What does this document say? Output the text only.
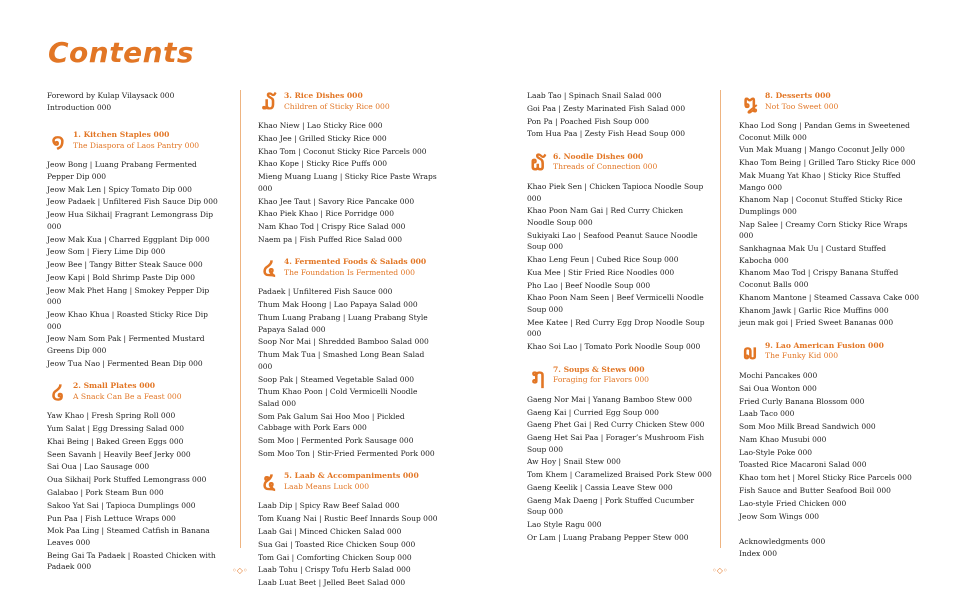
Contents

Foreword by Kulap Vilaysack 000

Introduction 000

໑	1. Kitchen Staples 000
The Diaspora of Laos Pantry 000
Jeow Bong | Luang Prabang Fermented Pepper Dip 000
Jeow Mak Len | Spicy Tomato Dip 000
Jeow Padaek | Unfiltered Fish Sauce Dip 000
Jeow Hua Sikhai| Fragrant Lemongrass Dip 000
Jeow Mak Kua | Charred Eggplant Dip 000
Jeow Som | Fiery Lime Dip 000
Jeow Bee | Tangy Bitter Steak Sauce 000
Jeow Kapi | Bold Shrimp Paste Dip 000
Jeow Mak Phet Hang | Smokey Pepper Dip 000
Jeow Khao Khua | Roasted Sticky Rice Dip 000
Jeow Nam Som Pak | Fermented Mustard Greens Dip 000
Jeow Tua Nao | Fermented Bean Dip 000
໒	2. Small Plates 000
A Snack Can Be a Feast 000
Yaw Khao | Fresh Spring Roll 000
Yum Salat | Egg Dressing Salad 000
Khai Being | Baked Green Eggs 000
Seen Savanh | Heavily Beef Jerky 000
Sai Oua | Lao Sausage 000
Oua Sikhai| Pork Stuffed Lemongrass 000
Galabao | Pork Steam Bun 000
Sakoo Yat Sai | Tapioca Dumplings 000
Pun Paa | Fish Lettuce Wraps 000
Mok Paa Ling | Steamed Catfish in Banana Leaves 000
Being Gai Ta Padaek | Roasted Chicken with Padaek 000
໓	3. Rice Dishes 000
Children of Sticky Rice 000
Khao Niew | Lao Sticky Rice 000
Khao Jee | Grilled Sticky Rice 000
Khao Tom | Coconut Sticky Rice Parcels 000
Khao Kope | Sticky Rice Puffs 000
Mieng Muang Luang | Sticky Rice Paste Wraps 000
Khao Jee Taut | Savory Rice Pancake 000
Khao Piek Khao | Rice Porridge 000
Nam Khao Tod | Crispy Rice Salad 000
Naem pa | Fish Puffed Rice Salad 000
໔	4. Fermented Foods & Salads 000
The Foundation Is Fermented 000
Padaek | Unfiltered Fish Sauce 000
Thum Mak Hoong | Lao Papaya Salad 000
Thum Luang Prabang | Luang Prabang Style Papaya Salad 000
Soop Nor Mai | Shredded Bamboo Salad 000
Thum Mak Tua | Smashed Long Bean Salad 000
Soop Pak | Steamed Vegetable Salad 000
Thum Khao Poon | Cold Vermicelli Noodle Salad 000
Som Pak Galum Sai Hoo Moo | Pickled Cabbage with Pork Ears 000
Som Moo | Fermented Pork Sausage 000
Som Moo Ton | Stir-Fried Fermented Pork 000
໕	5. Laab & Accompaniments 000
Laab Means Luck 000
Laab Dip | Spicy Raw Beef Salad 000
Tom Kuang Nai | Rustic Beef Innards Soup 000
Laab Gai | Minced Chicken Salad 000
Sua Gai | Toasted Rice Chicken Soup 000
Tom Gai | Comforting Chicken Soup 000
Laab Tohu | Crispy Tofu Herb Salad 000
Laab Luat Beet | Jelled Beet Salad 000
Laab Tao | Spinach Snail Salad 000
Goi Paa | Zesty Marinated Fish Salad 000
Pon Pa | Poached Fish Soup 000
Tom Hua Paa | Zesty Fish Head Soup 000
໖	6. Noodle Dishes 000
Threads of Connection 000
Khao Piek Sen | Chicken Tapioca Noodle Soup 000
Khao Poon Nam Gai | Red Curry Chicken Noodle Soup 000
Sukiyaki Lao | Seafood Peanut Sauce Noodle Soup 000
Khao Leng Feun | Cubed Rice Soup 000
Kua Mee | Stir Fried Rice Noodles 000
Pho Lao | Beef Noodle Soup 000
Khao Poon Nam Seen | Beef Vermicelli Noodle Soup 000
Mee Katee | Red Curry Egg Drop Noodle Soup 000
Khao Soi Lao | Tomato Pork Noodle Soup 000
໗	7. Soups & Stews 000
Foraging for Flavors 000
Gaeng Nor Mai | Yanang Bamboo Stew 000
Gaeng Kai | Curried Egg Soup 000
Gaeng Phet Gai | Red Curry Chicken Stew 000
Gaeng Het Sai Paa | Forager’s Mushroom Fish Soup 000
Aw Hoy | Snail Stew 000
Tom Khem | Caramelized Braised Pork Stew 000
Gaeng Keelik | Cassia Leave Stew 000
Gaeng Mak Daeng | Pork Stuffed Cucumber Soup 000
Lao Style Ragu 000
Or Lam | Luang Prabang Pepper Stew 000
໘	8. Desserts 000
Not Too Sweet 000
Khao Lod Song | Pandan Gems in Sweetened Coconut Milk 000
Vun Mak Muang | Mango Coconut Jelly 000
Khao Tom Being | Grilled Taro Sticky Rice 000
Mak Muang Yat Khao | Sticky Rice Stuffed Mango 000
Khanom Nap | Coconut Stuffed Sticky Rice Dumplings 000
Nap Salee | Creamy Corn Sticky Rice Wraps 000
Sankhagnaa Mak Uu | Custard Stuffed Kabocha 000
Khanom Mao Tod | Crispy Banana Stuffed Coconut Balls 000
Khanom Mantone | Steamed Cassava Cake 000
Khanom Jawk | Garlic Rice Muffins 000
jeun mak goi | Fried Sweet Bananas 000
໙	9. Lao American Fusion 000
The Funky Kid 000
Mochi Pancakes 000
Sai Oua Wonton 000
Fried Curly Banana Blossom 000
Laab Taco 000
Som Moo Milk Bread Sandwich 000
Nam Khao Musubi 000
Lao-Style Poke 000
Toasted Rice Macaroni Salad 000
Khao tom het | Morel Sticky Rice Parcels 000
Fish Sauce and Butter Seafood Boil 000
Lao-style Fried Chicken 000
Jeow Som Wings 000

Acknowledgments 000

Index 000

◦◇◦	◦◇◦
